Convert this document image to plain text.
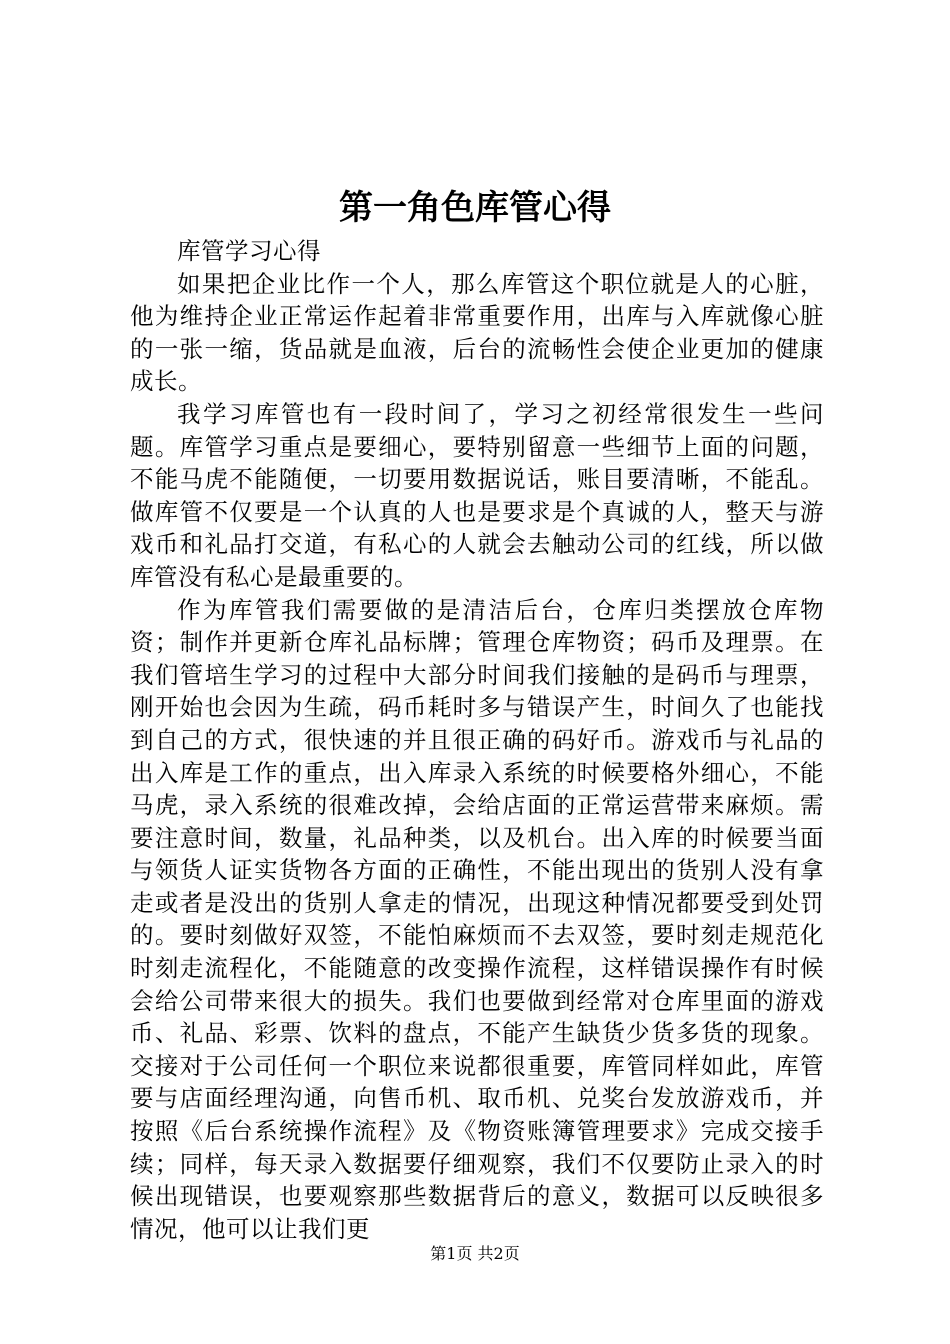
第一角色库管心得

库管学习心得

如果把企业比作一个人，那么库管这个职位就是人的心脏，他为维持企业正常运作起着非常重要作用，出库与入库就像心脏的一张一缩，货品就是血液，后台的流畅性会使企业更加的健康成长。

我学习库管也有一段时间了，学习之初经常很发生一些问题。库管学习重点是要细心，要特别留意一些细节上面的问题，不能马虎不能随便，一切要用数据说话，账目要清晰，不能乱。做库管不仅要是一个认真的人也是要求是个真诚的人，整天与游戏币和礼品打交道，有私心的人就会去触动公司的红线，所以做库管没有私心是最重要的。

作为库管我们需要做的是清洁后台，仓库归类摆放仓库物资；制作并更新仓库礼品标牌；管理仓库物资；码币及理票。在我们管培生学习的过程中大部分时间我们接触的是码币与理票，刚开始也会因为生疏，码币耗时多与错误产生，时间久了也能找到自己的方式，很快速的并且很正确的码好币。游戏币与礼品的出入库是工作的重点，出入库录入系统的时候要格外细心，不能马虎，录入系统的很难改掉，会给店面的正常运营带来麻烦。需要注意时间，数量，礼品种类，以及机台。出入库的时候要当面与领货人证实货物各方面的正确性，不能出现出的货别人没有拿走或者是没出的货别人拿走的情况，出现这种情况都要受到处罚的。要时刻做好双签，不能怕麻烦而不去双签，要时刻走规范化时刻走流程化，不能随意的改变操作流程，这样错误操作有时候会给公司带来很大的损失。我们也要做到经常对仓库里面的游戏币、礼品、彩票、饮料的盘点，不能产生缺货少货多货的现象。交接对于公司任何一个职位来说都很重要，库管同样如此，库管要与店面经理沟通，向售币机、取币机、兑奖台发放游戏币，并按照《后台系统操作流程》及《物资账簿管理要求》完成交接手续；同样，每天录入数据要仔细观察，我们不仅要防止录入的时候出现错误，也要观察那些数据背后的意义，数据可以反映很多情况，他可以让我们更

第1页 共2页
